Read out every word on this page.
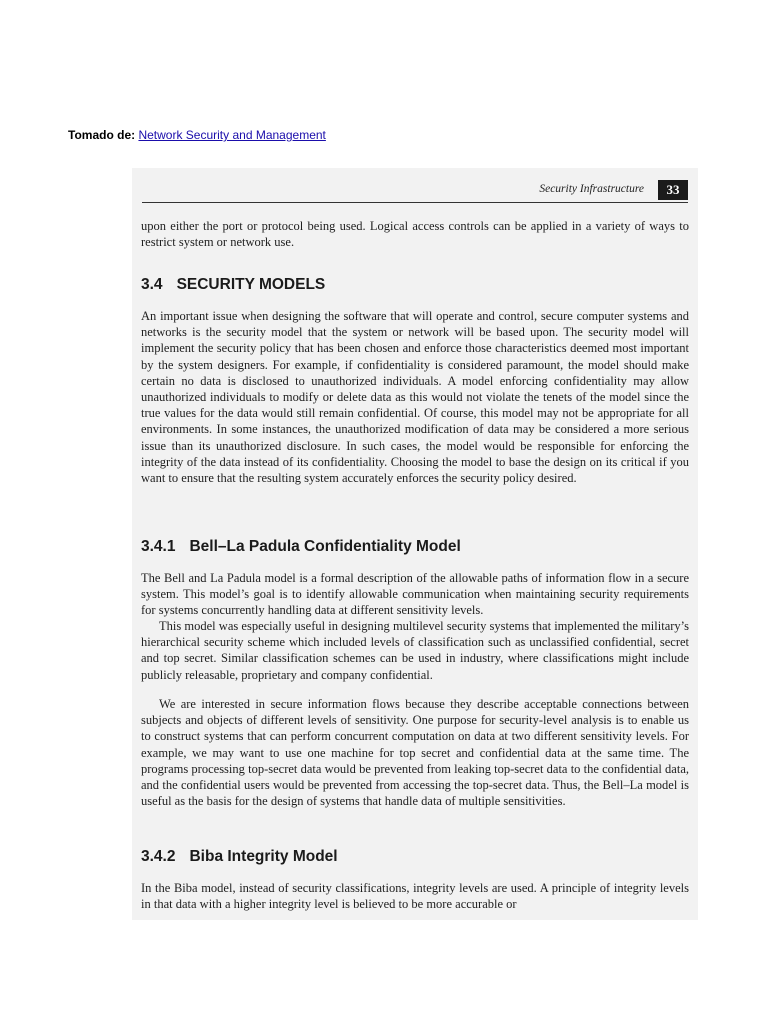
Tomado de: Network Security and Management
Security Infrastructure	33

upon either the port or protocol being used. Logical access controls can be applied in a variety of ways to restrict system or network use.

3.4 SECURITY MODELS

An important issue when designing the software that will operate and control, secure computer systems and networks is the security model that the system or network will be based upon. The security model will implement the security policy that has been chosen and enforce those characteristics deemed most important by the system designers. For example, if confidentiality is considered paramount, the model should make certain no data is disclosed to unauthorized individuals. A model enforcing confidentiality may allow unauthorized individuals to modify or delete data as this would not violate the tenets of the model since the true values for the data would still remain confidential. Of course, this model may not be appropriate for all environments. In some instances, the unauthorized modification of data may be considered a more serious issue than its unauthorized disclosure. In such cases, the model would be responsible for enforcing the integrity of the data instead of its confidentiality. Choosing the model to base the design on its critical if you want to ensure that the resulting system accurately enforces the security policy desired.

3.4.1 Bell–La Padula Confidentiality Model

The Bell and La Padula model is a formal description of the allowable paths of information flow in a secure system. This model’s goal is to identify allowable communication when maintaining security requirements for systems concurrently handling data at different sensitivity levels.

This model was especially useful in designing multilevel security systems that implemented the military’s hierarchical security scheme which included levels of classification such as unclassified confidential, secret and top secret. Similar classification schemes can be used in industry, where classifications might include publicly releasable, proprietary and company confidential.

We are interested in secure information flows because they describe acceptable connections between subjects and objects of different levels of sensitivity. One purpose for security-level analysis is to enable us to construct systems that can perform concurrent computation on data at two different sensitivity levels. For example, we may want to use one machine for top secret and confidential data at the same time. The programs processing top-secret data would be prevented from leaking top-secret data to the confidential data, and the confidential users would be prevented from accessing the top-secret data. Thus, the Bell–La model is useful as the basis for the design of systems that handle data of multiple sensitivities.

3.4.2 Biba Integrity Model

In the Biba model, instead of security classifications, integrity levels are used. A principle of integrity levels in that data with a higher integrity level is believed to be more accurable or
